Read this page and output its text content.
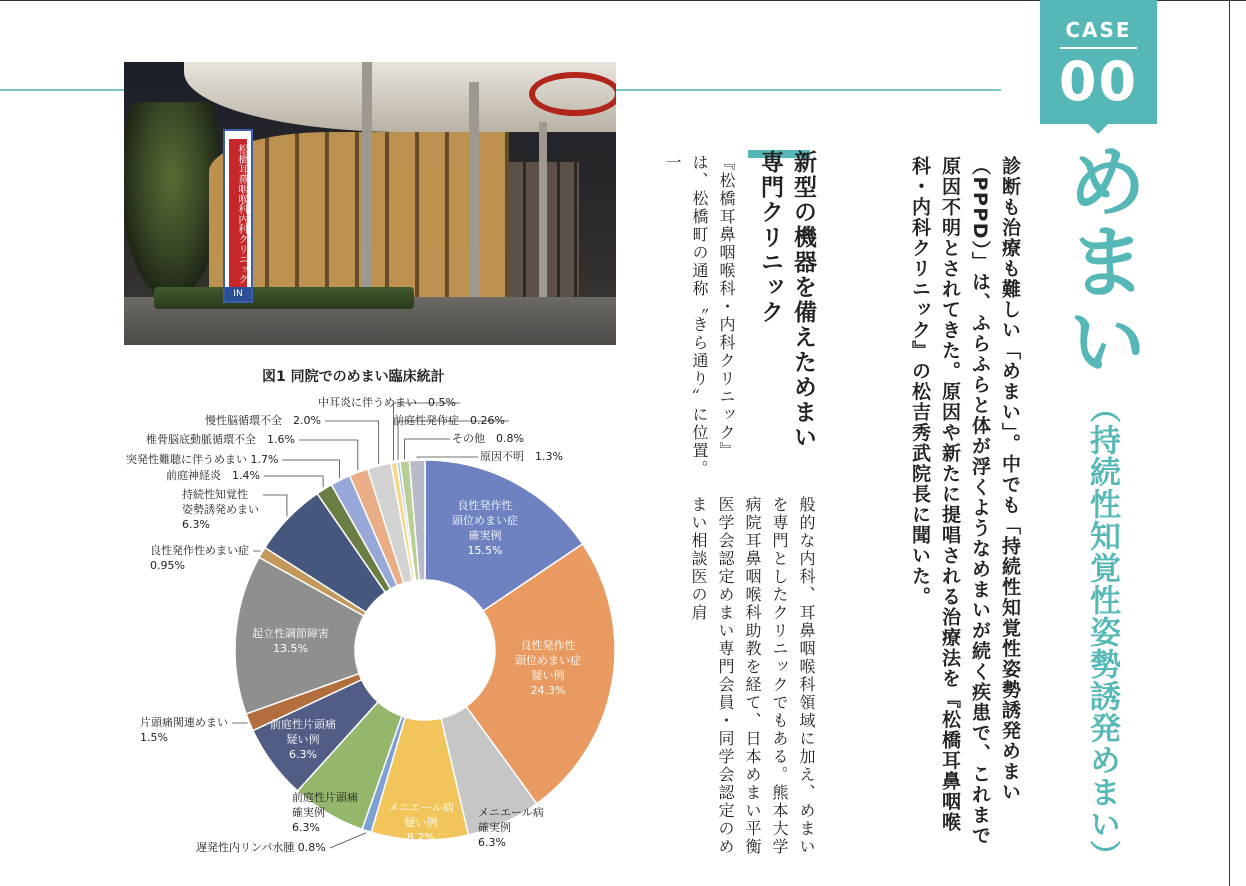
松橋耳鼻咽喉科内科クリニック
IN
図1 同院でのめまい臨床統計
良性発作性
頭位めまい症
確実例
15.5%
良性発作性
頭位めまい症
疑い例
24.3%
メニエール病
確実例
6.3%
メニエール病
疑い例
8.2%
遅発性内リンパ水腫 0.8%
前庭性片頭痛
確実例
6.3%
前庭性片頭痛
疑い例
6.3%
片頭痛関連めまい
1.5%
起立性調節障害
13.5%
良性発作性めまい症
0.95%
持続性知覚性
姿勢誘発めまい
6.3%
前庭神経炎　1.4%
突発性難聴に伴うめまい 1.7%
椎骨脳底動脈循環不全　1.6%
慢性脳循環不全　2.0%
中耳炎に伴うめまい　0.5%
前庭性発作症　0.26%
その他　0.8%
原因不明　1.3%
新型の機器を備えためまい専門クリニック
『松橋耳鼻咽喉科・内科クリニック』は、松橋町の通称〝きら通り〟に位置。一
般的な内科、耳鼻咽喉科領域に加え、めまいを専門としたクリニックでもある。熊本大学病院耳鼻咽喉科助教を経て、日本めまい平衡医学会認定めまい専門会員・同学会認定のめまい相談医の肩	診断も治療も難しい「めまい」。中でも「持続性知覚性姿勢誘発めまい（PPPD）」は、ふらふらと体が浮くようなめまいが続く疾患で、これまで原因不明とされてきた。原因や新たに提唱される治療法を『松橋耳鼻咽喉科・内科クリニック』の松吉秀武院長に聞いた。
CASE
00
めまい
（持続性知覚性姿勢誘発めまい）
